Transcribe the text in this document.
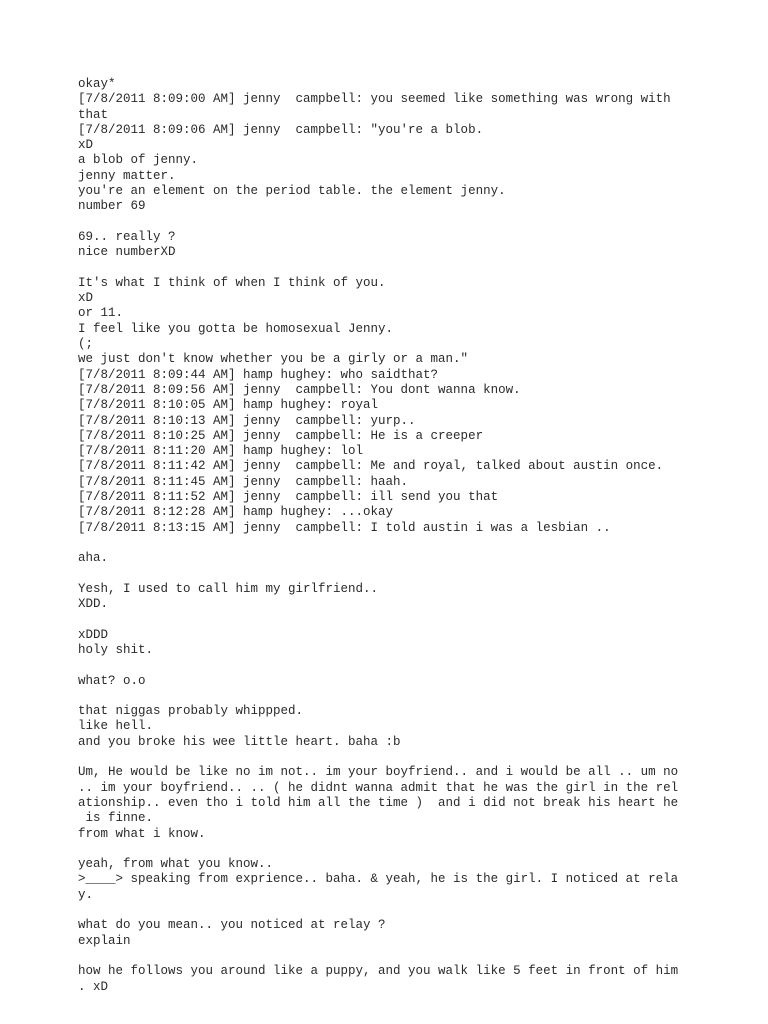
okay*
[7/8/2011 8:09:00 AM] jenny  campbell: you seemed like something was wrong with
that
[7/8/2011 8:09:06 AM] jenny  campbell: "you're a blob.
xD
a blob of jenny.
jenny matter.
you're an element on the period table. the element jenny.
number 69
69.. really ?
nice numberXD
It's what I think of when I think of you.
xD
or 11.
I feel like you gotta be homosexual Jenny.
(;
we just don't know whether you be a girly or a man."
[7/8/2011 8:09:44 AM] hamp hughey: who saidthat?
[7/8/2011 8:09:56 AM] jenny  campbell: You dont wanna know.
[7/8/2011 8:10:05 AM] hamp hughey: royal
[7/8/2011 8:10:13 AM] jenny  campbell: yurp..
[7/8/2011 8:10:25 AM] jenny  campbell: He is a creeper
[7/8/2011 8:11:20 AM] hamp hughey: lol
[7/8/2011 8:11:42 AM] jenny  campbell: Me and royal, talked about austin once.
[7/8/2011 8:11:45 AM] jenny  campbell: haah.
[7/8/2011 8:11:52 AM] jenny  campbell: ill send you that
[7/8/2011 8:12:28 AM] hamp hughey: ...okay
[7/8/2011 8:13:15 AM] jenny  campbell: I told austin i was a lesbian ..
aha.
Yesh, I used to call him my girlfriend..
XDD.
xDDD
holy shit.
what? o.o
that niggas probably whippped.
like hell.
and you broke his wee little heart. baha :b
Um, He would be like no im not.. im your boyfriend.. and i would be all .. um no
.. im your boyfriend.. .. ( he didnt wanna admit that he was the girl in the rel
ationship.. even tho i told him all the time )  and i did not break his heart he
is finne.
from what i know.
yeah, from what you know..
>____> speaking from exprience.. baha. & yeah, he is the girl. I noticed at rela
y.
what do you mean.. you noticed at relay ?
explain
how he follows you around like a puppy, and you walk like 5 feet in front of him
. xD
